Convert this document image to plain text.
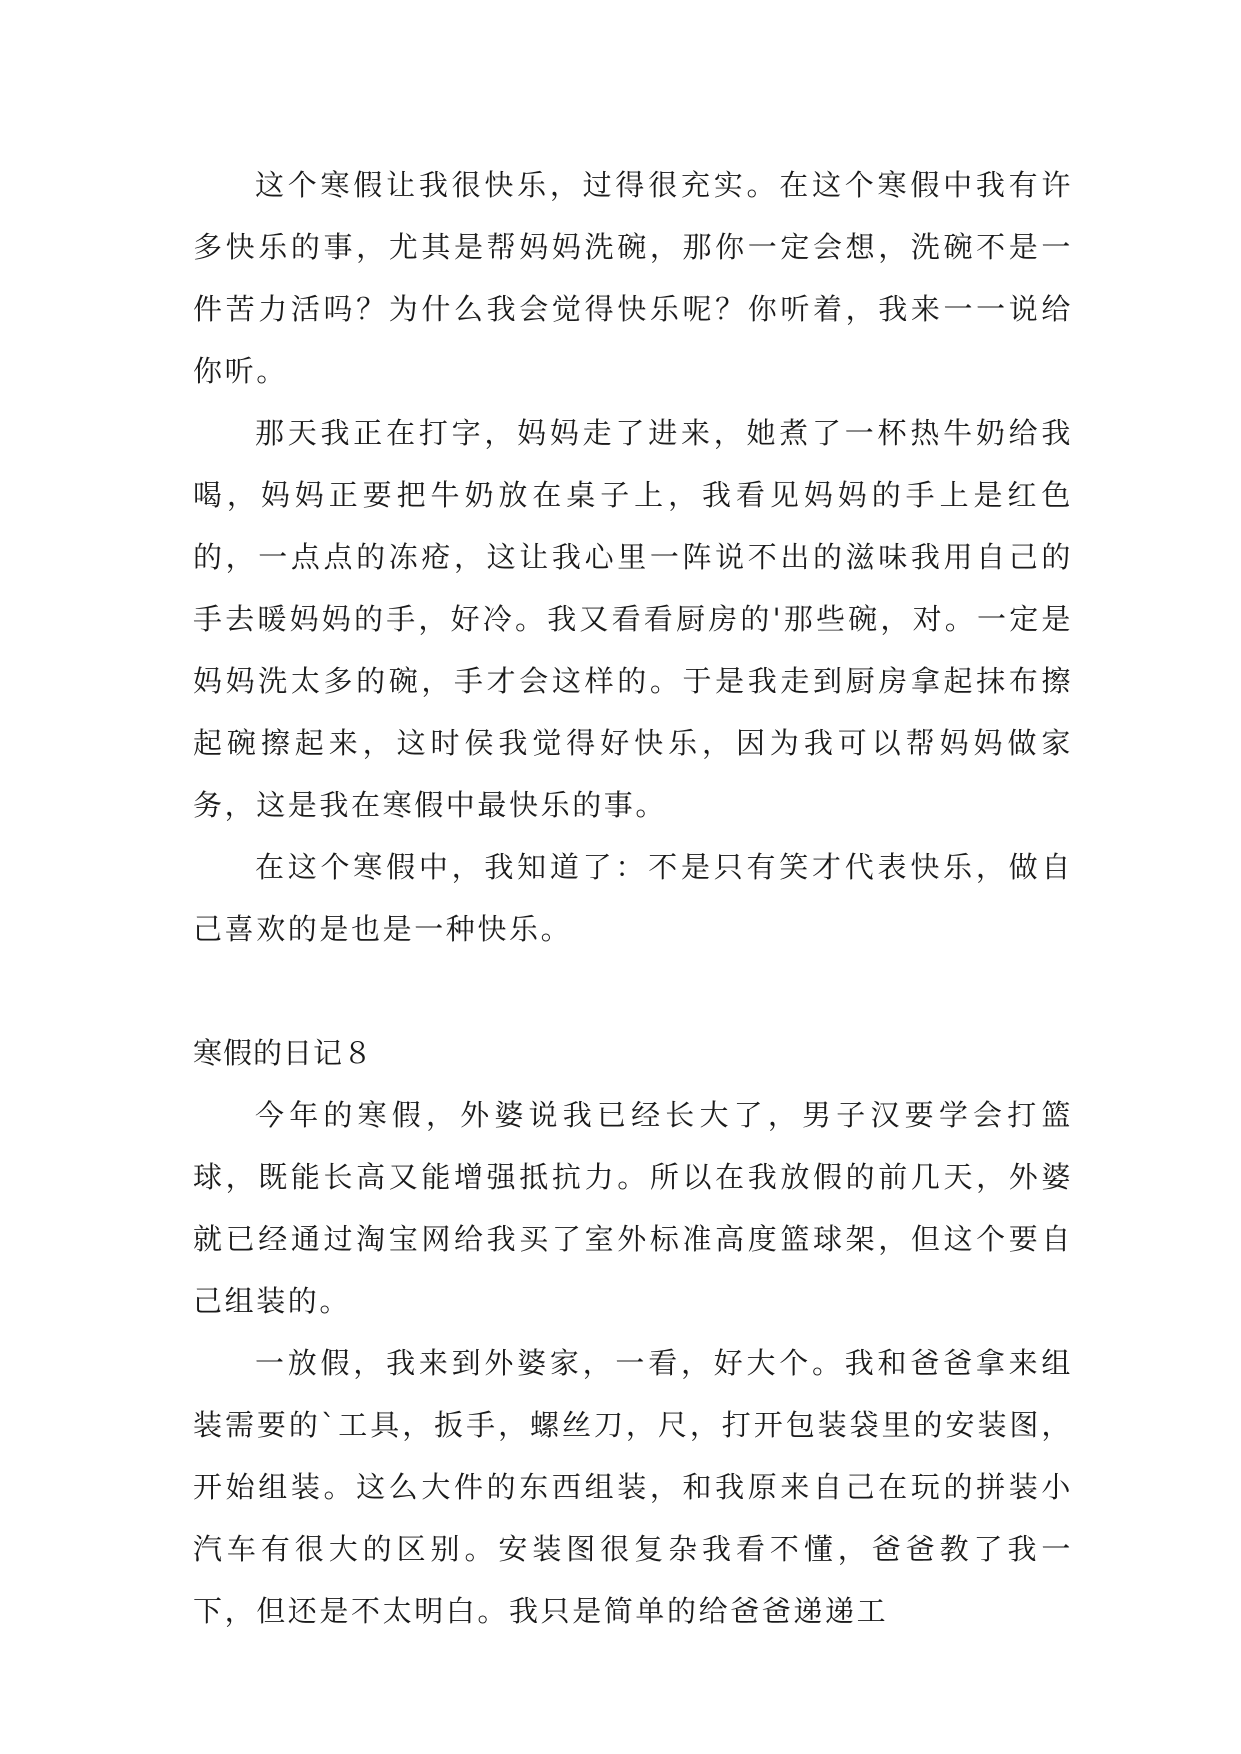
这个寒假让我很快乐，过得很充实。在这个寒假中我有许多快乐的事，尤其是帮妈妈洗碗，那你一定会想，洗碗不是一件苦力活吗？为什么我会觉得快乐呢？你听着，我来一一说给你听。

那天我正在打字，妈妈走了进来，她煮了一杯热牛奶给我喝，妈妈正要把牛奶放在桌子上，我看见妈妈的手上是红色的，一点点的冻疮，这让我心里一阵说不出的滋味我用自己的手去暖妈妈的手，好冷。我又看看厨房的'那些碗，对。一定是妈妈洗太多的碗，手才会这样的。于是我走到厨房拿起抹布擦起碗擦起来，这时侯我觉得好快乐，因为我可以帮妈妈做家务，这是我在寒假中最快乐的事。

在这个寒假中，我知道了：不是只有笑才代表快乐，做自己喜欢的是也是一种快乐。

寒假的日记８

今年的寒假，外婆说我已经长大了，男子汉要学会打篮球，既能长高又能增强抵抗力。所以在我放假的前几天，外婆就已经通过淘宝网给我买了室外标准高度篮球架，但这个要自己组装的。

一放假，我来到外婆家，一看，好大个。我和爸爸拿来组装需要的`工具，扳手，螺丝刀，尺，打开包装袋里的安装图，开始组装。这么大件的东西组装，和我原来自己在玩的拼装小汽车有很大的区别。安装图很复杂我看不懂，爸爸教了我一下，但还是不太明白。我只是简单的给爸爸递递工
